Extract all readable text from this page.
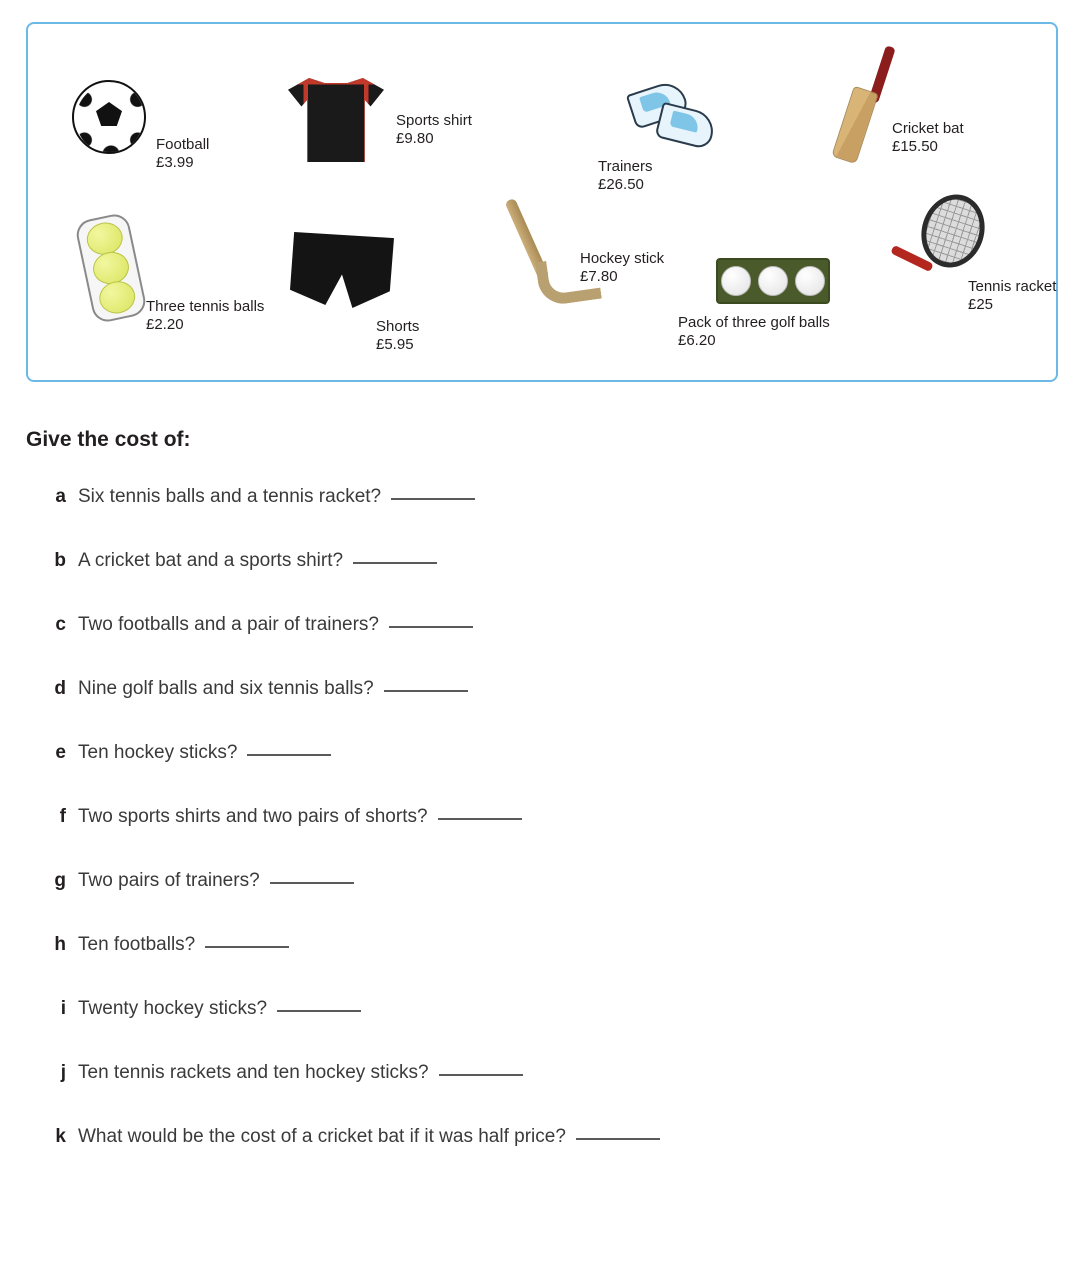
Football
£3.99
Sports shirt
£9.80
Trainers
£26.50
Cricket bat
£15.50
Three tennis balls
£2.20	Shorts
£5.95
Hockey stick
£7.80
Pack of three golf balls
£6.20
Tennis racket
£25
Give the cost of:
a Six tennis balls and a tennis racket?
b A cricket bat and a sports shirt?
c Two footballs and a pair of trainers?
d Nine golf balls and six tennis balls?
e Ten hockey sticks?
f Two sports shirts and two pairs of shorts?
g Two pairs of trainers?
h Ten footballs?
i Twenty hockey sticks?
j Ten tennis rackets and ten hockey sticks?
k What would be the cost of a cricket bat if it was half price?
